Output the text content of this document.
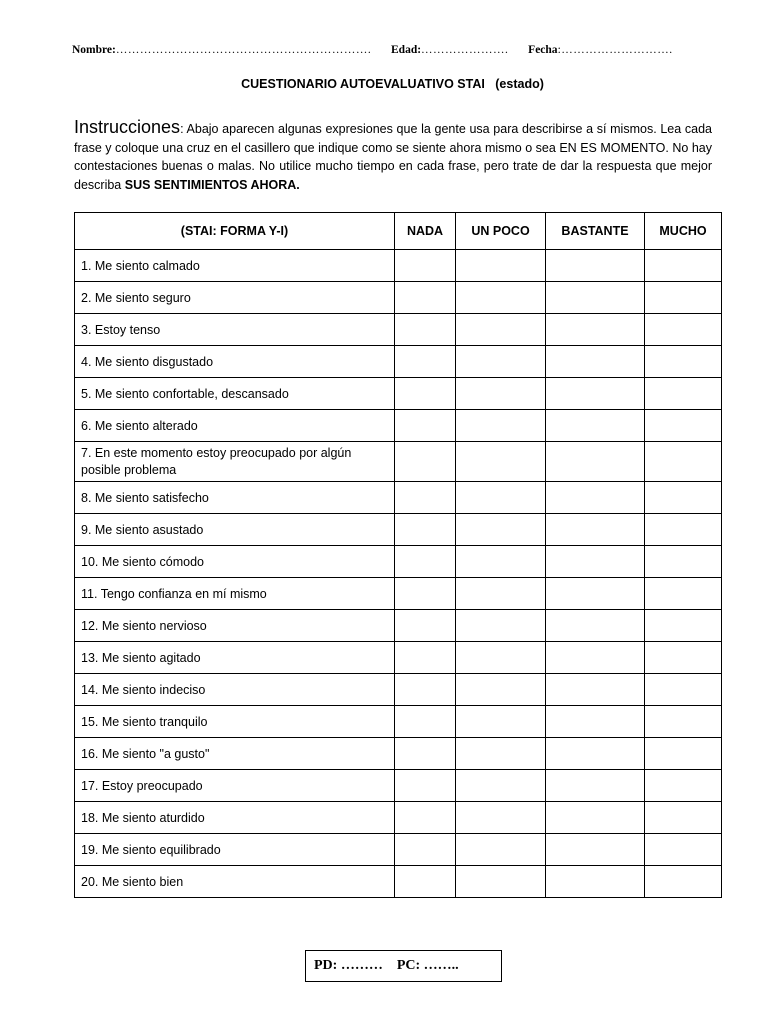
Nombre:………………………………………………………. Edad:…………………. Fecha:……………………….
CUESTIONARIO AUTOEVALUATIVO STAI   (estado)
Instrucciones: Abajo aparecen algunas expresiones que la gente usa para describirse a sí mismos. Lea cada frase y coloque una cruz en el casillero que indique como se siente ahora mismo o sea EN ES MOMENTO. No hay contestaciones buenas o malas. No utilice mucho tiempo en cada frase, pero trate de dar la respuesta que mejor describa SUS SENTIMIENTOS AHORA.
(STAI: FORMA Y-I)	NADA	UN POCO	BASTANTE	MUCHO
1. Me siento calmado				
2. Me siento seguro				
3. Estoy tenso				
4. Me siento disgustado				
5. Me siento confortable, descansado				
6. Me siento alterado				
7. En este momento estoy preocupado por algún posible problema				
8. Me siento satisfecho				
9. Me siento asustado				
10. Me siento cómodo				
11. Tengo confianza en mí mismo				
12. Me siento nervioso				
13. Me siento agitado				
14. Me siento indeciso				
15. Me siento tranquilo				
16. Me siento "a gusto"				
17. Estoy preocupado				
18. Me siento aturdido				
19. Me siento equilibrado				
20. Me siento bien				
PD: ………    PC: ……..
